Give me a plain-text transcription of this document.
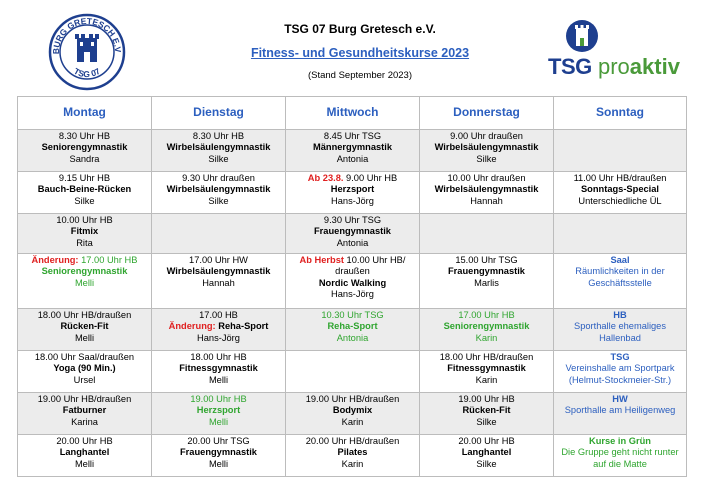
BURG GRETESCH E.V
TSG 07

TSG 07 Burg Gretesch e.V.

Fitness- und Gesundheitskurse 2023

(Stand September 2023)	TSG proaktiv
Montag	Dienstag	Mittwoch	Donnerstag	Sonntag

8.30 Uhr HB
Seniorengymnastik
Sandra	8.30 Uhr HB
Wirbelsäulengymnastik
Silke	8.45 Uhr TSG
Männergymnastik
Antonia	9.00 Uhr draußen
Wirbelsäulengymnastik
Silke	

9.15 Uhr HB
Bauch-Beine-Rücken
Silke	9.30 Uhr draußen
Wirbelsäulengymnastik
Silke	Ab 23.8. 9.00 Uhr HB
Herzsport
Hans-Jörg	10.00 Uhr draußen
Wirbelsäulengymnastik
Hannah	11.00 Uhr HB/draußen
Sonntags-Special
Unterschiedliche ÜL

10.00 Uhr HB
Fitmix
Rita		9.30 Uhr TSG
Frauengymnastik
Antonia		

Änderung: 17.00 Uhr HB
Seniorengymnastik
Melli	17.00 Uhr HW
Wirbelsäulengymnastik
Hannah	Ab Herbst 10.00 Uhr HB/
draußen
Nordic Walking
Hans-Jörg	15.00 Uhr TSG
Frauengymnastik
Marlis	Saal
Räumlichkeiten in der
Geschäftsstelle

18.00 Uhr HB/draußen
Rücken-Fit
Melli	17.00 HB
Änderung: Reha-Sport
Hans-Jörg	10.30 Uhr TSG
Reha-Sport
Antonia	17.00 Uhr HB
Seniorengymnastik
Karin	HB
Sporthalle ehemaliges
Hallenbad

18.00 Uhr Saal/draußen
Yoga (90 Min.)
Ursel	18.00 Uhr HB
Fitnessgymnastik
Melli		18.00 Uhr HB/draußen
Fitnessgymnastik
Karin	TSG
Vereinshalle am Sportpark
(Helmut-Stockmeier-Str.)

19.00 Uhr HB/draußen
Fatburner
Karina	19.00 Uhr HB
Herzsport
Melli	19.00 Uhr HB/draußen
Bodymix
Karin	19.00 Uhr HB
Rücken-Fit
Silke	HW
Sporthalle am Heiligenweg

20.00 Uhr HB
Langhantel
Melli	20.00 Uhr TSG
Frauengymnastik
Melli	20.00 Uhr HB/draußen
Pilates
Karin	20.00 Uhr HB
Langhantel
Silke	Kurse in Grün
Die Gruppe geht nicht runter
auf die Matte
